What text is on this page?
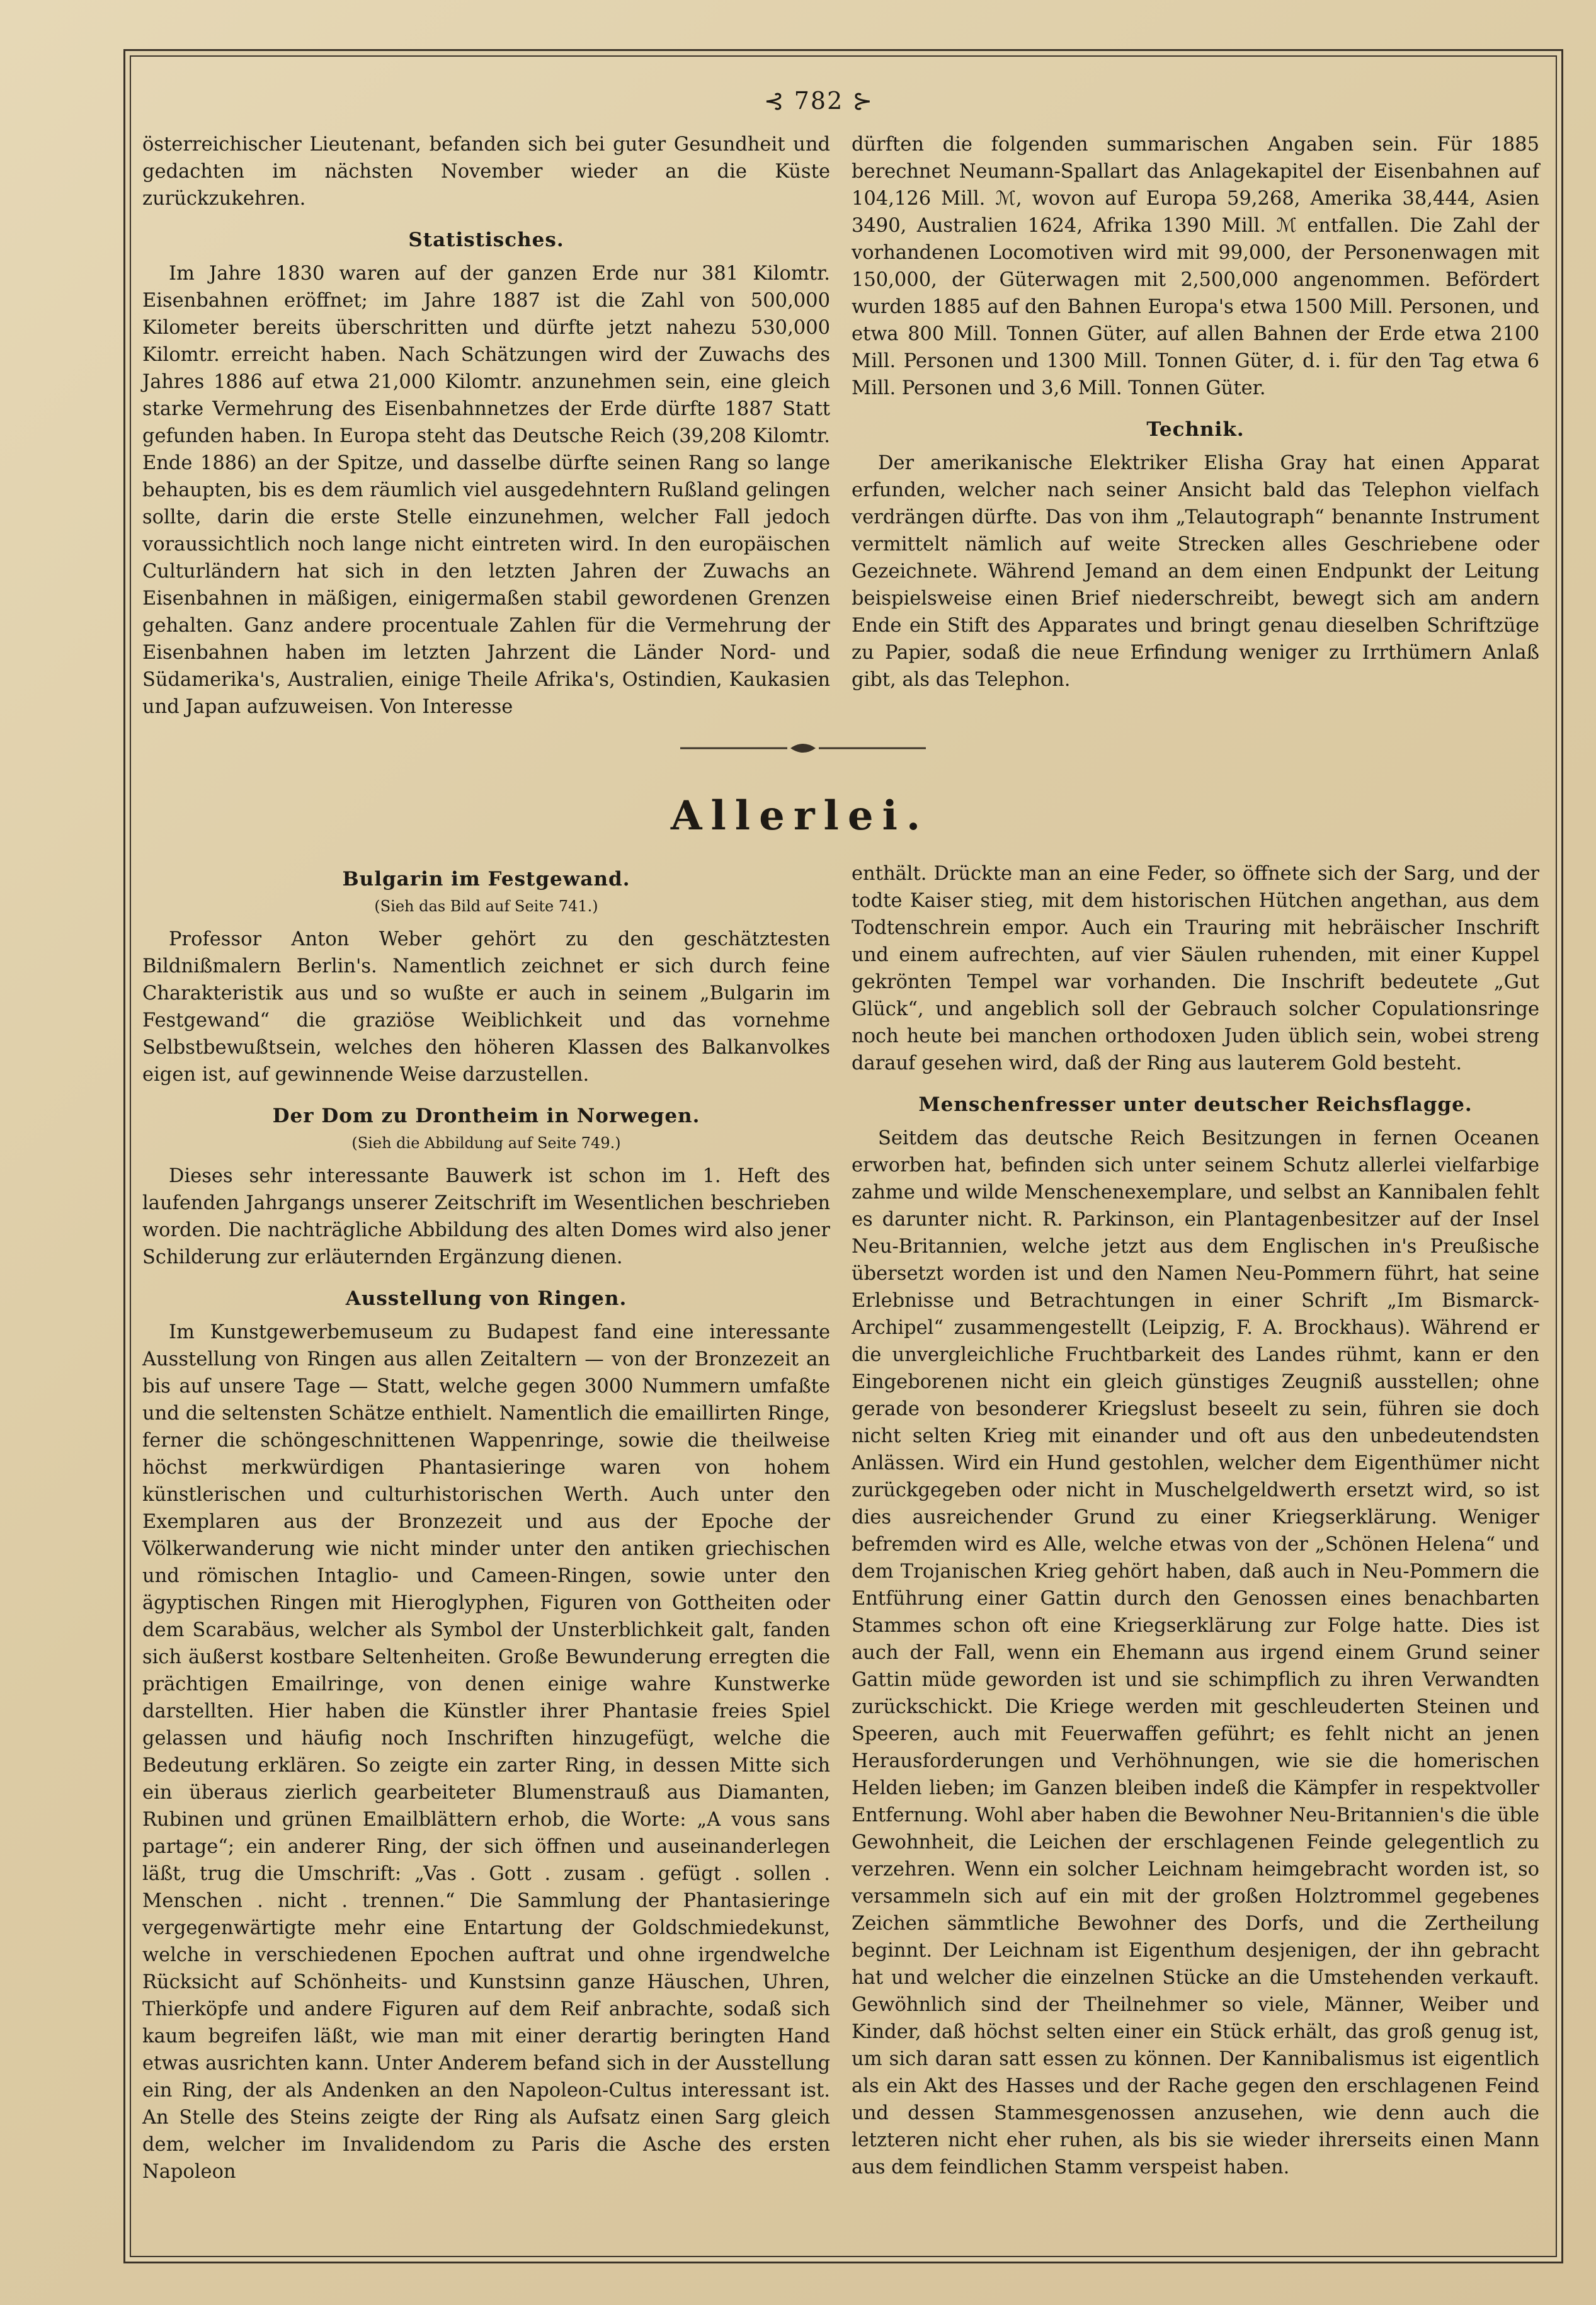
⊰ 782 ⊱

österreichischer Lieutenant, befanden sich bei guter Gesundheit und gedachten im nächsten November wieder an die Küste zurückzukehren.

Statistisches.

Im Jahre 1830 waren auf der ganzen Erde nur 381 Kilomtr. Eisenbahnen eröffnet; im Jahre 1887 ist die Zahl von 500,000 Kilometer bereits überschritten und dürfte jetzt nahezu 530,000 Kilomtr. erreicht haben. Nach Schätzungen wird der Zuwachs des Jahres 1886 auf etwa 21,000 Kilomtr. anzunehmen sein, eine gleich starke Vermehrung des Eisenbahnnetzes der Erde dürfte 1887 Statt gefunden haben. In Europa steht das Deutsche Reich (39,208 Kilomtr. Ende 1886) an der Spitze, und dasselbe dürfte seinen Rang so lange behaupten, bis es dem räumlich viel ausgedehntern Rußland gelingen sollte, darin die erste Stelle einzunehmen, welcher Fall jedoch voraussichtlich noch lange nicht eintreten wird. In den europäischen Culturländern hat sich in den letzten Jahren der Zuwachs an Eisenbahnen in mäßigen, einigermaßen stabil gewordenen Grenzen gehalten. Ganz andere procentuale Zahlen für die Vermehrung der Eisenbahnen haben im letzten Jahrzent die Länder Nord- und Südamerika's, Australien, einige Theile Afrika's, Ostindien, Kaukasien und Japan aufzuweisen. Von Interesse

dürften die folgenden summarischen Angaben sein. Für 1885 berechnet Neumann-Spallart das Anlagekapitel der Eisenbahnen auf 104,126 Mill. ℳ, wovon auf Europa 59,268, Amerika 38,444, Asien 3490, Australien 1624, Afrika 1390 Mill. ℳ entfallen. Die Zahl der vorhandenen Locomotiven wird mit 99,000, der Personenwagen mit 150,000, der Güterwagen mit 2,500,000 angenommen. Befördert wurden 1885 auf den Bahnen Europa's etwa 1500 Mill. Personen, und etwa 800 Mill. Tonnen Güter, auf allen Bahnen der Erde etwa 2100 Mill. Personen und 1300 Mill. Tonnen Güter, d. i. für den Tag etwa 6 Mill. Personen und 3,6 Mill. Tonnen Güter.

Technik.

Der amerikanische Elektriker Elisha Gray hat einen Apparat erfunden, welcher nach seiner Ansicht bald das Telephon vielfach verdrängen dürfte. Das von ihm „Telautograph“ benannte Instrument vermittelt nämlich auf weite Strecken alles Geschriebene oder Gezeichnete. Während Jemand an dem einen Endpunkt der Leitung beispielsweise einen Brief niederschreibt, bewegt sich am andern Ende ein Stift des Apparates und bringt genau dieselben Schriftzüge zu Papier, sodaß die neue Erfindung weniger zu Irrthümern Anlaß gibt, als das Telephon.

Allerlei.
Bulgarin im Festgewand.
(Sieh das Bild auf Seite 741.)

Professor Anton Weber gehört zu den geschätztesten Bildnißmalern Berlin's. Namentlich zeichnet er sich durch feine Charakteristik aus und so wußte er auch in seinem „Bulgarin im Festgewand“ die graziöse Weiblichkeit und das vornehme Selbstbewußtsein, welches den höheren Klassen des Balkanvolkes eigen ist, auf gewinnende Weise darzustellen.

Der Dom zu Drontheim in Norwegen.
(Sieh die Abbildung auf Seite 749.)

Dieses sehr interessante Bauwerk ist schon im 1. Heft des laufenden Jahrgangs unserer Zeitschrift im Wesentlichen beschrieben worden. Die nachträgliche Abbildung des alten Domes wird also jener Schilderung zur erläuternden Ergänzung dienen.

Ausstellung von Ringen.

Im Kunstgewerbemuseum zu Budapest fand eine interessante Ausstellung von Ringen aus allen Zeitaltern — von der Bronzezeit an bis auf unsere Tage — Statt, welche gegen 3000 Nummern umfaßte und die seltensten Schätze enthielt. Namentlich die emaillirten Ringe, ferner die schöngeschnittenen Wappenringe, sowie die theilweise höchst merkwürdigen Phantasieringe waren von hohem künstlerischen und culturhistorischen Werth. Auch unter den Exemplaren aus der Bronzezeit und aus der Epoche der Völkerwanderung wie nicht minder unter den antiken griechischen und römischen Intaglio- und Cameen-Ringen, sowie unter den ägyptischen Ringen mit Hieroglyphen, Figuren von Gottheiten oder dem Scarabäus, welcher als Symbol der Unsterblichkeit galt, fanden sich äußerst kostbare Seltenheiten. Große Bewunderung erregten die prächtigen Emailringe, von denen einige wahre Kunstwerke darstellten. Hier haben die Künstler ihrer Phantasie freies Spiel gelassen und häufig noch Inschriften hinzugefügt, welche die Bedeutung erklären. So zeigte ein zarter Ring, in dessen Mitte sich ein überaus zierlich gearbeiteter Blumenstrauß aus Diamanten, Rubinen und grünen Emailblättern erhob, die Worte: „A vous sans partage“; ein anderer Ring, der sich öffnen und auseinanderlegen läßt, trug die Umschrift: „Vas . Gott . zusam . gefügt . sollen . Menschen . nicht . trennen.“ Die Sammlung der Phantasieringe vergegenwärtigte mehr eine Entartung der Goldschmiedekunst, welche in verschiedenen Epochen auftrat und ohne irgendwelche Rücksicht auf Schönheits- und Kunstsinn ganze Häuschen, Uhren, Thierköpfe und andere Figuren auf dem Reif anbrachte, sodaß sich kaum begreifen läßt, wie man mit einer derartig beringten Hand etwas ausrichten kann. Unter Anderem befand sich in der Ausstellung ein Ring, der als Andenken an den Napoleon-Cultus interessant ist. An Stelle des Steins zeigte der Ring als Aufsatz einen Sarg gleich dem, welcher im Invalidendom zu Paris die Asche des ersten Napoleon

enthält. Drückte man an eine Feder, so öffnete sich der Sarg, und der todte Kaiser stieg, mit dem historischen Hütchen angethan, aus dem Todtenschrein empor. Auch ein Trauring mit hebräischer Inschrift und einem aufrechten, auf vier Säulen ruhenden, mit einer Kuppel gekrönten Tempel war vorhanden. Die Inschrift bedeutete „Gut Glück“, und angeblich soll der Gebrauch solcher Copulationsringe noch heute bei manchen orthodoxen Juden üblich sein, wobei streng darauf gesehen wird, daß der Ring aus lauterem Gold besteht.

Menschenfresser unter deutscher Reichsflagge.

Seitdem das deutsche Reich Besitzungen in fernen Oceanen erworben hat, befinden sich unter seinem Schutz allerlei vielfarbige zahme und wilde Menschenexemplare, und selbst an Kannibalen fehlt es darunter nicht. R. Parkinson, ein Plantagenbesitzer auf der Insel Neu-Britannien, welche jetzt aus dem Englischen in's Preußische übersetzt worden ist und den Namen Neu-Pommern führt, hat seine Erlebnisse und Betrachtungen in einer Schrift „Im Bismarck-Archipel“ zusammengestellt (Leipzig, F. A. Brockhaus). Während er die unvergleichliche Fruchtbarkeit des Landes rühmt, kann er den Eingeborenen nicht ein gleich günstiges Zeugniß ausstellen; ohne gerade von besonderer Kriegslust beseelt zu sein, führen sie doch nicht selten Krieg mit einander und oft aus den unbedeutendsten Anlässen. Wird ein Hund gestohlen, welcher dem Eigenthümer nicht zurückgegeben oder nicht in Muschelgeldwerth ersetzt wird, so ist dies ausreichender Grund zu einer Kriegserklärung. Weniger befremden wird es Alle, welche etwas von der „Schönen Helena“ und dem Trojanischen Krieg gehört haben, daß auch in Neu-Pommern die Entführung einer Gattin durch den Genossen eines benachbarten Stammes schon oft eine Kriegserklärung zur Folge hatte. Dies ist auch der Fall, wenn ein Ehemann aus irgend einem Grund seiner Gattin müde geworden ist und sie schimpflich zu ihren Verwandten zurückschickt. Die Kriege werden mit geschleuderten Steinen und Speeren, auch mit Feuerwaffen geführt; es fehlt nicht an jenen Herausforderungen und Verhöhnungen, wie sie die homerischen Helden lieben; im Ganzen bleiben indeß die Kämpfer in respektvoller Entfernung. Wohl aber haben die Bewohner Neu-Britannien's die üble Gewohnheit, die Leichen der erschlagenen Feinde gelegentlich zu verzehren. Wenn ein solcher Leichnam heimgebracht worden ist, so versammeln sich auf ein mit der großen Holztrommel gegebenes Zeichen sämmtliche Bewohner des Dorfs, und die Zertheilung beginnt. Der Leichnam ist Eigenthum desjenigen, der ihn gebracht hat und welcher die einzelnen Stücke an die Umstehenden verkauft. Gewöhnlich sind der Theilnehmer so viele, Männer, Weiber und Kinder, daß höchst selten einer ein Stück erhält, das groß genug ist, um sich daran satt essen zu können. Der Kannibalismus ist eigentlich als ein Akt des Hasses und der Rache gegen den erschlagenen Feind und dessen Stammesgenossen anzusehen, wie denn auch die letzteren nicht eher ruhen, als bis sie wieder ihrerseits einen Mann aus dem feindlichen Stamm verspeist haben.
